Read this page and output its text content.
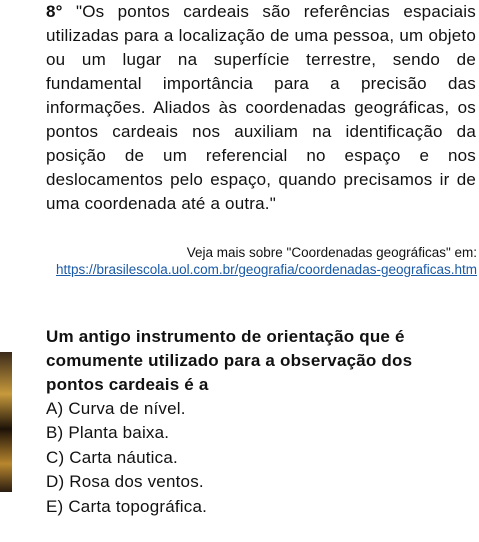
8° "Os pontos cardeais são referências espaciais utilizadas para a localização de uma pessoa, um objeto ou um lugar na superfície terrestre, sendo de fundamental importância para a precisão das informações. Aliados às coordenadas geográficas, os pontos cardeais nos auxiliam na identificação da posição de um referencial no espaço e nos deslocamentos pelo espaço, quando precisamos ir de uma coordenada até a outra."
Veja mais sobre "Coordenadas geográficas" em:
https://brasilescola.uol.com.br/geografia/coordenadas-geograficas.htm
Um antigo instrumento de orientação que é comumente utilizado para a observação dos pontos cardeais é a
A) Curva de nível.
B) Planta baixa.
C) Carta náutica.
D) Rosa dos ventos.
E) Carta topográfica.
